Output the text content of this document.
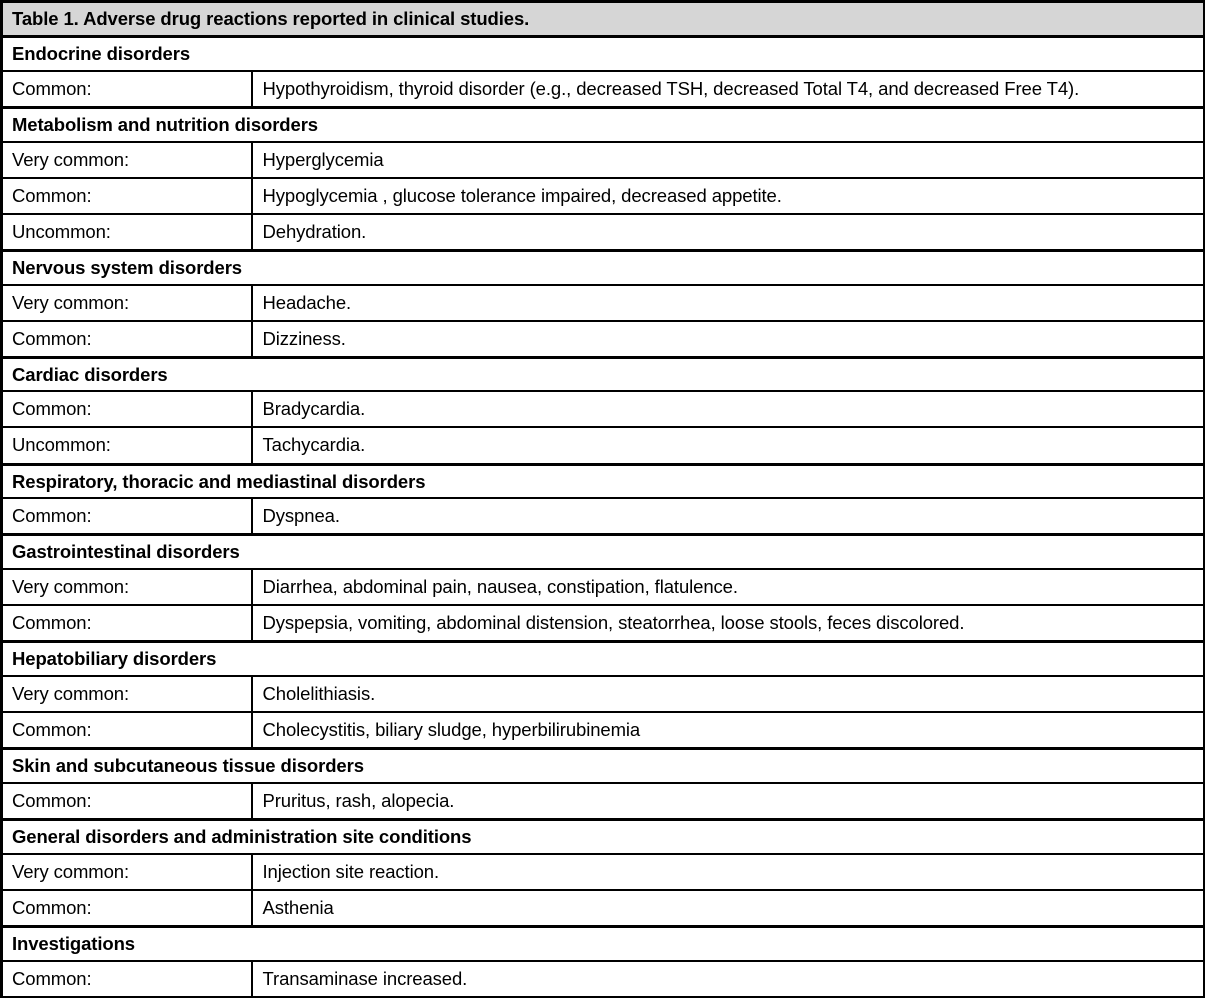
Table 1. Adverse drug reactions reported in clinical studies.	
Endocrine disorders	
Common:	Hypothyroidism, thyroid disorder (e.g., decreased TSH, decreased Total T4, and decreased Free T4).
Metabolism and nutrition disorders	
Very common:	Hyperglycemia
Common:	Hypoglycemia , glucose tolerance impaired, decreased appetite.
Uncommon:	Dehydration.
Nervous system disorders	
Very common:	Headache.
Common:	Dizziness.
Cardiac disorders	
Common:	Bradycardia.
Uncommon:	Tachycardia.
Respiratory, thoracic and mediastinal disorders	
Common:	Dyspnea.
Gastrointestinal disorders	
Very common:	Diarrhea, abdominal pain, nausea, constipation, flatulence.
Common:	Dyspepsia, vomiting, abdominal distension, steatorrhea, loose stools, feces discolored.
Hepatobiliary disorders	
Very common:	Cholelithiasis.
Common:	Cholecystitis, biliary sludge, hyperbilirubinemia
Skin and subcutaneous tissue disorders	
Common:	Pruritus, rash, alopecia.
General disorders and administration site conditions	
Very common:	Injection site reaction.
Common:	Asthenia
Investigations	
Common:	Transaminase increased.
